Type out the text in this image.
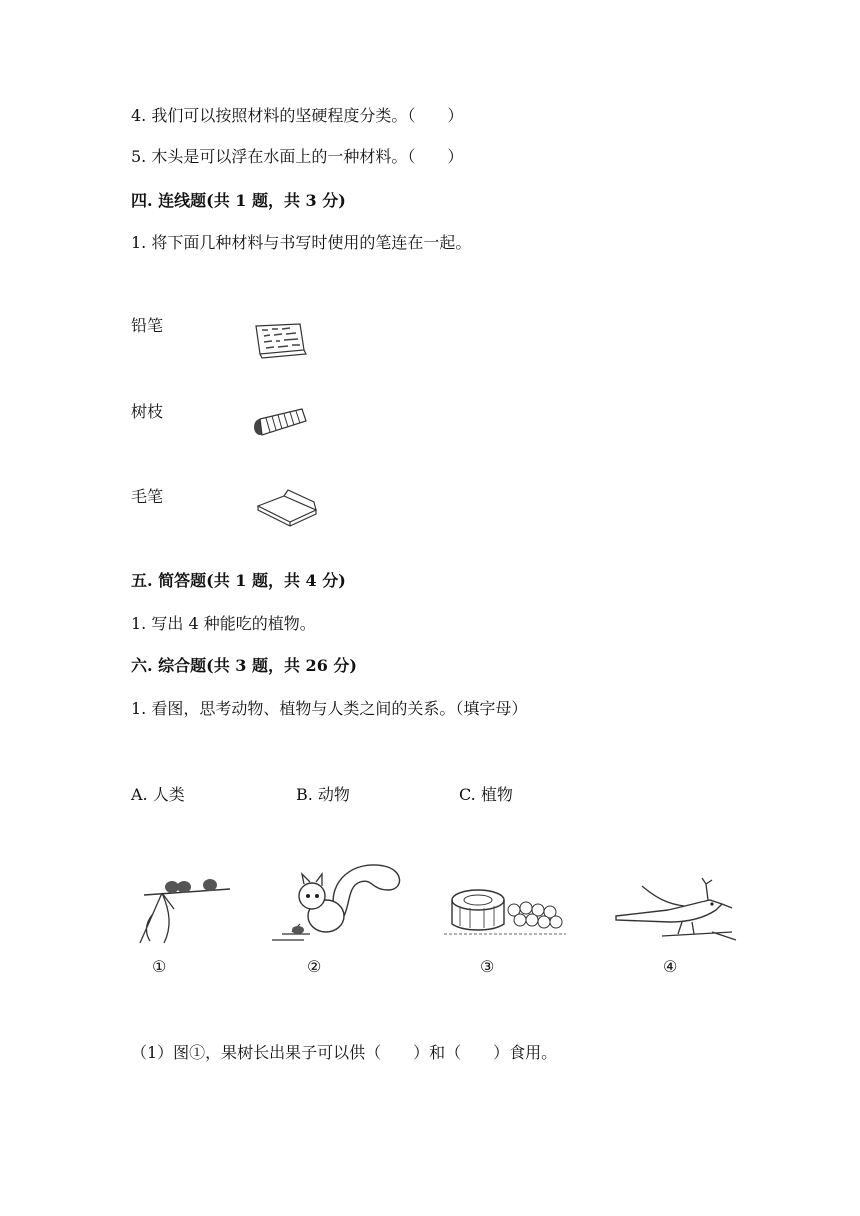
4. 我们可以按照材料的坚硬程度分类。（　　）
5. 木头是可以浮在水面上的一种材料。（　　）
四. 连线题(共 1 题，共 3 分)
1. 将下面几种材料与书写时使用的笔连在一起。
铅笔
树枝
毛笔
五. 简答题(共 1 题，共 4 分)
1. 写出 4 种能吃的植物。
六. 综合题(共 3 题，共 26 分)
1. 看图，思考动物、植物与人类之间的关系。（填字母）
A. 人类	B. 动物	C. 植物
①	②	③	④
（1）图①，果树长出果子可以供（　　）和（　　）食用。
